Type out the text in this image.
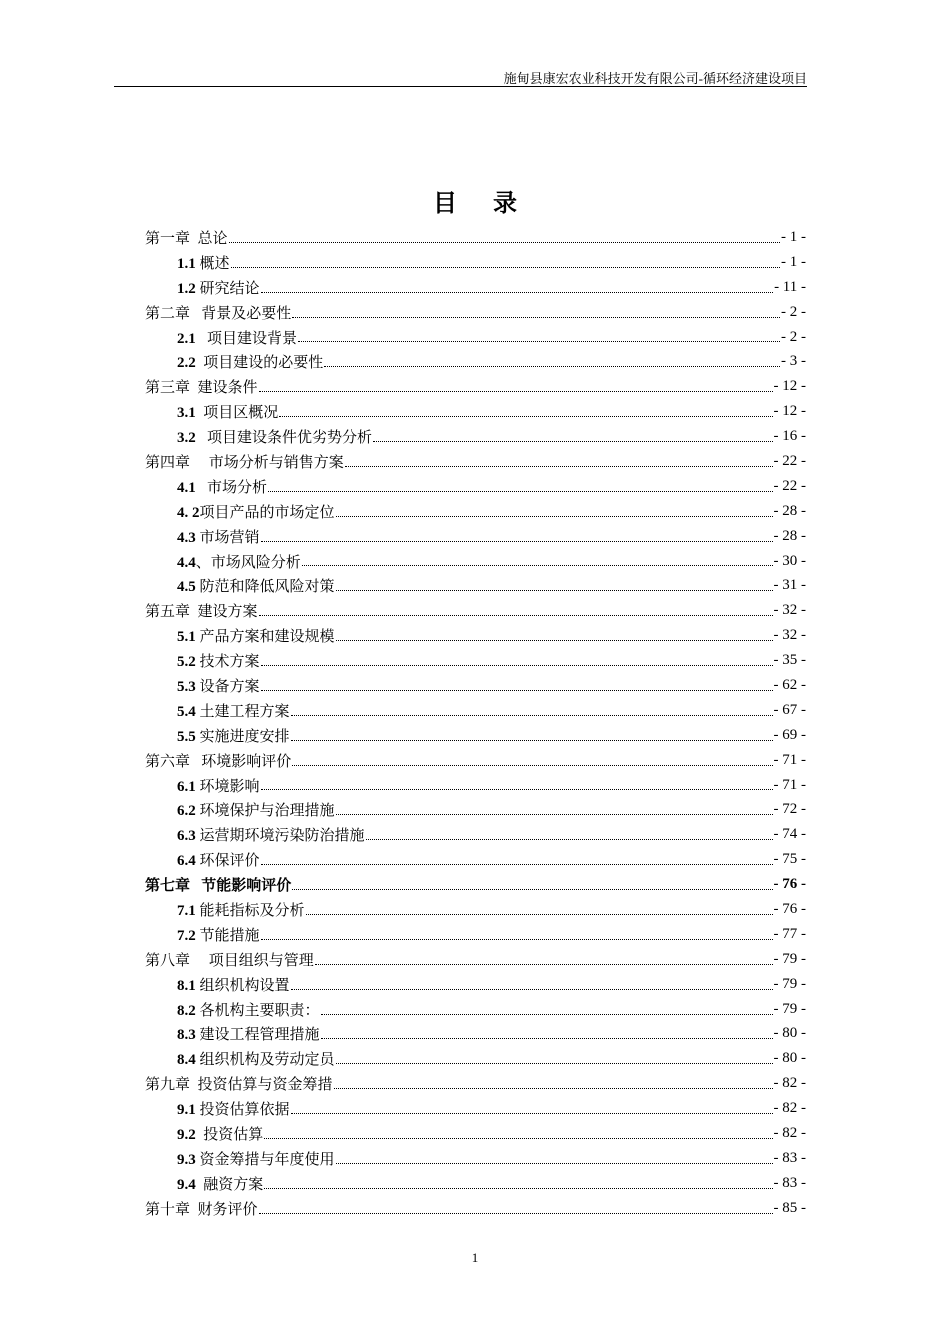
施甸县康宏农业科技开发有限公司-循环经济建设项目
目录
第一章  总论	- 1 -
1.1 概述	- 1 -
1.2 研究结论	- 11 -
第二章   背景及必要性	- 2 -
2.1   项目建设背景	- 2 -
2.2  项目建设的必要性	- 3 -
第三章  建设条件	- 12 -
3.1  项目区概况	- 12 -
3.2   项目建设条件优劣势分析	- 16 -
第四章     市场分析与销售方案	- 22 -
4.1   市场分析	- 22 -
4. 2项目产品的市场定位	- 28 -
4.3 市场营销	- 28 -
4.4、市场风险分析	- 30 -
4.5 防范和降低风险对策	- 31 -
第五章  建设方案	- 32 -
5.1 产品方案和建设规模	- 32 -
5.2 技术方案	- 35 -
5.3 设备方案	- 62 -
5.4 土建工程方案	- 67 -
5.5 实施进度安排	- 69 -
第六章   环境影响评价	- 71 -
6.1 环境影响	- 71 -
6.2 环境保护与治理措施	- 72 -
6.3 运营期环境污染防治措施	- 74 -
6.4 环保评价	- 75 -
第七章   节能影响评价	- 76 -
7.1 能耗指标及分析	- 76 -
7.2 节能措施	- 77 -
第八章     项目组织与管理	- 79 -
8.1 组织机构设置	- 79 -
8.2 各机构主要职责：	- 79 -
8.3 建设工程管理措施	- 80 -
8.4 组织机构及劳动定员	- 80 -
第九章  投资估算与资金筹措	- 82 -
9.1 投资估算依据	- 82 -
9.2  投资估算	- 82 -
9.3 资金筹措与年度使用	- 83 -
9.4  融资方案	- 83 -
第十章  财务评价	- 85 -
1
